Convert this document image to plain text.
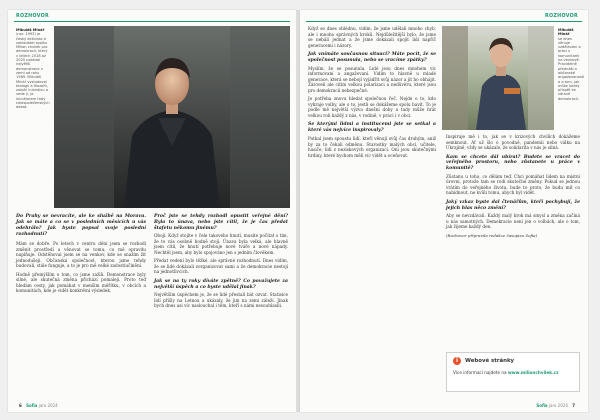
ROZHOVOR
Mikuláš Minář
(nar. 1993) je český aktivista a zakladatel spolku Milion chvilek pro demokracii, který v letech 2018 až 2020 pořádal největší demonstrace v zemi od roku 1989. Mikuláš Minář vystudoval teologii a filozofii, založil iniciativu a vede ji, je iniciátorem řady celospolečenských debat.

Do Prahy se nevracíte, ale ke službě na Moravu. Jak se máte a co se v posledních měsících u vás odehrálo? Jak byste popsal svoje poslední rozhodnutí?

Mám se dobře. Po letech v centru dění jsem se rozhodl změnit prostředí a věnovat se tomu, co mě opravdu naplňuje. Odstěhoval jsem se na venkov, kde se snažím žít jednodušeji. Občanská společnost, kterou jsme tehdy budovali, stále funguje, a to je pro mě velké zadostiučinění.

Hodně přemýšlím o tom, co jsme zažili. Demonstrace byly silné, ale skutečná změna přichází pomaleji. Proto teď hledám cesty, jak pomáhat v menším měřítku, v obcích a komunitách, kde je vidět konkrétní výsledek.

Proč jste se tehdy rozhodl opustit veřejné dění? Byla to únava, nebo jste cítil, že je čas předat štafetu někomu jinému?

Obojí. Když stojíte v čele takového hnutí, musíte počítat s tím, že to vás osobně hodně stojí. Únava byla velká, ale hlavně jsem cítil, že hnutí potřebuje nové tváře a nové nápady. Nechtěl jsem, aby bylo spojováno jen s jedním člověkem.

Předat vedení bylo těžké, ale správné rozhodnutí. Dnes vidím, že se lidé dokázali zorganizovat sami a že demokracie nestojí na jednotlivcích.

Jak se na ty roky díváte zpětně? Co považujete za největší úspěch a co byste udělal jinak?

Největším úspěchem je, že se lidé přestali bát ozvat. Statisíce lidí přišly na Letnou a ukázaly, že jim na zemi záleží. Jinak bych dnes asi víc naslouchal i těm, kteří s námi nesouhlasili.

6 Sofia jaro 2024
ROZHOVOR

Když se dnes ohlédnu, vidím, že jsme udělali mnoho chyb, ale i mnoho správných kroků. Nejdůležitější bylo, že jsme se nebáli jednat a že jsme dokázali spojit lidi napříč generacemi i názory.

Jak vnímáte současnou situaci? Máte pocit, že se společnost posunula, nebo se vracíme zpátky?

Myslím, že se posunula. Lidé jsou dnes mnohem víc informovaní a angažovaní. Vidím to hlavně u mladé generace, která se nebojí vyjádřit svůj názor a jít ho obhájit. Zároveň ale cítím velkou polarizaci a nedůvěru, které jsou pro demokracii nebezpečné.

Je potřeba znovu hledat společnou řeč. Nejde o to, kdo vyhraje volby, ale o to, jestli se dokážeme spolu bavit. To je podle mě největší výzva dnešní doby a tady může hrát velkou roli každý z nás, v rodině, v práci i v obci.

Se kterými lidmi a institucemi jste se setkal a které vás nejvíce inspirovaly?

Potkal jsem spoustu lidí, kteří věnují svůj čas druhým, aniž by za to čekali odměnu. Starostky malých obcí, učitele, hasiče, lidi z neziskových organizací. Oni jsou skutečnými hrdiny, které bychom měli víc vidět a oceňovat.

Mikuláš Minář
se dnes věnuje vzdělávání a práci s komunitami na venkově. Pravidelně přednáší o občanské angažovanosti a o tom, jak může každý přispět ke zdravé demokracii.

Inspiruje mě i to, jak se v krizových chvílích dokážeme semknout. Ať už šlo o povodně, pandemii nebo válku na Ukrajině, vždy se ukázalo, že solidarita v nás je silná.

Kam se chcete dál ubírat? Budete se vracet do veřejného prostoru, nebo zůstanete u práce v komunitě?

Zůstanu u toho, co dělám teď. Chci pomáhat lidem na místní úrovni, protože tam se rodí skutečné změny. Pokud se jednou vrátím do veřejného života, bude to proto, že budu mít co nabídnout, ne kvůli tomu, abych byl vidět.

Jaký vzkaz byste dal čtenářům, kteří pochybují, že jejich hlas něco změní?

Aby se nevzdávali. Každý malý krok má smysl a změna začíná u nás samotných. Demokracie není jen o volbách, ale o tom, jak žijeme každý den.

(Rozhovor připravila redakce časopisu Sofia)

i	Webové stránky
Více informací najdete na www.milionchvilek.cz
Sofia jaro 2024 7
